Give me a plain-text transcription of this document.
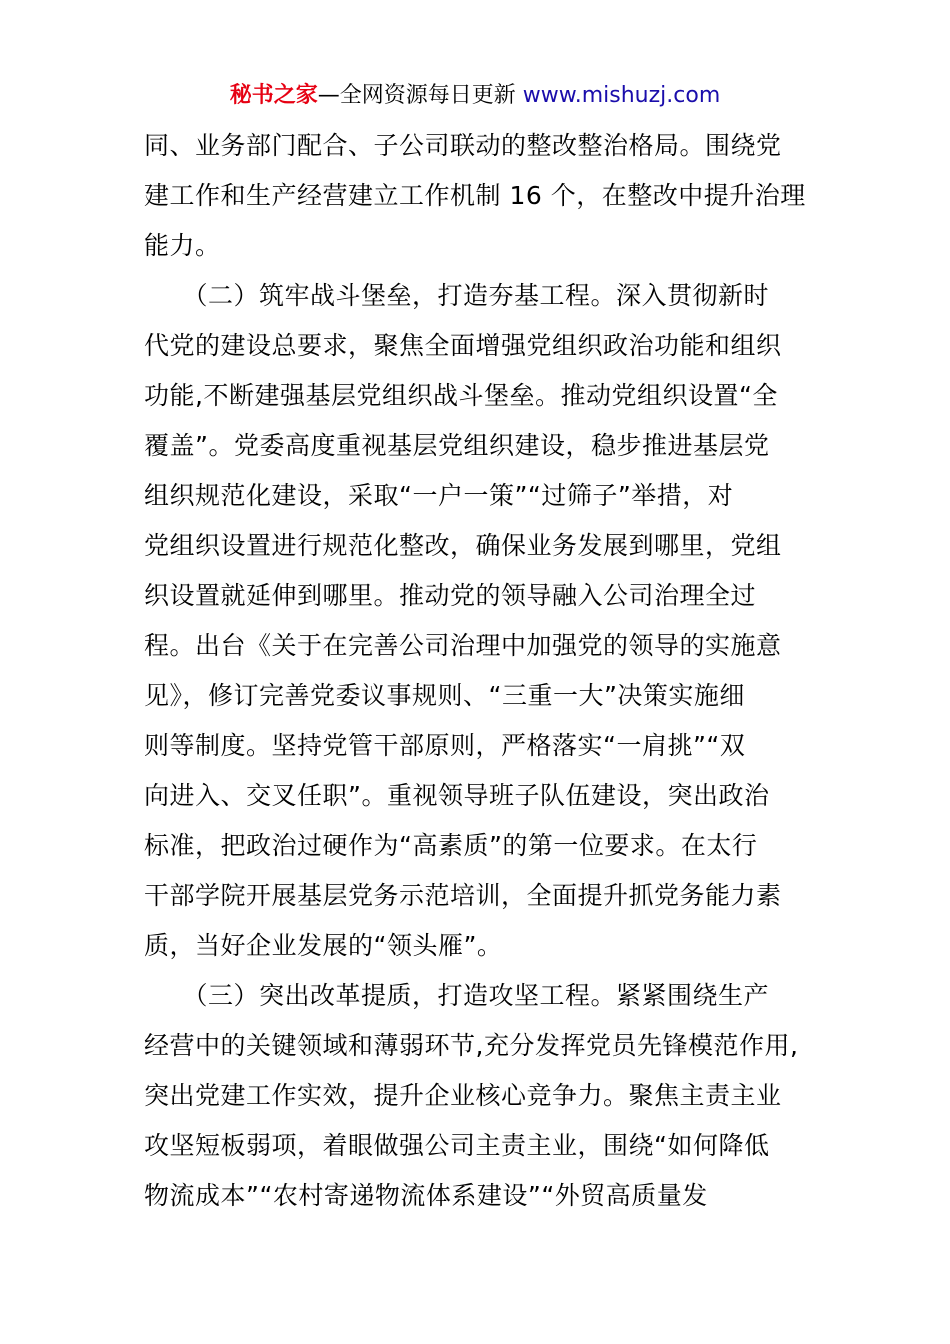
秘书之家—全网资源每日更新 www.mishuzj.com
同、业务部门配合、子公司联动的整改整治格局。围绕党
建工作和生产经营建立工作机制 16 个，在整改中提升治理
能力。
　　（二）筑牢战斗堡垒，打造夯基工程。深入贯彻新时
代党的建设总要求，聚焦全面增强党组织政治功能和组织
功能,不断建强基层党组织战斗堡垒。推动党组织设置“全
覆盖”。党委高度重视基层党组织建设，稳步推进基层党
组织规范化建设，采取“一户一策”“过筛子”举措，对
党组织设置进行规范化整改，确保业务发展到哪里，党组
织设置就延伸到哪里。推动党的领导融入公司治理全过
程。出台《关于在完善公司治理中加强党的领导的实施意
见》，修订完善党委议事规则、“三重一大”决策实施细
则等制度。坚持党管干部原则，严格落实“一肩挑”“双
向进入、交叉任职”。重视领导班子队伍建设，突出政治
标准，把政治过硬作为“高素质”的第一位要求。在太行
干部学院开展基层党务示范培训，全面提升抓党务能力素
质，当好企业发展的“领头雁”。
　　（三）突出改革提质，打造攻坚工程。紧紧围绕生产
经营中的关键领域和薄弱环节,充分发挥党员先锋模范作用,
突出党建工作实效，提升企业核心竞争力。聚焦主责主业
攻坚短板弱项，着眼做强公司主责主业，围绕“如何降低
物流成本”“农村寄递物流体系建设”“外贸高质量发
